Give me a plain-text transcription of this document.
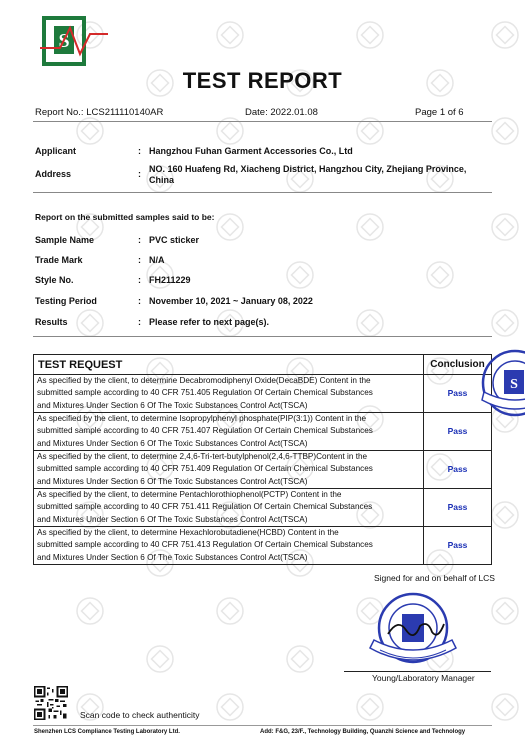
S
TEST REPORT
Report No.: LCS211110140AR	Date: 2022.01.08	Page 1 of 6
Applicant	: Hangzhou Fuhan Garment Accessories Co., Ltd
Address	: NO. 160 Huafeng Rd, Xiacheng District, Hangzhou City, Zhejiang Province,
China
Report on the submitted samples said to be:
Sample Name	: PVC sticker
Trade Mark	: N/A
Style No.	: FH211229
Testing Period	: November 10, 2021 ~ January 08, 2022
Results	: Please refer to next page(s).
TEST REQUEST	Conclusion

As specified by the client, to determine Decabromodiphenyl Oxide(DecaBDE) Content in the
submitted sample according to 40 CFR 751.405 Regulation Of Certain Chemical Substances
and Mixtures Under Section 6 Of The Toxic Substances Control Act(TSCA)	Pass

As specified by the client, to determine Isopropylphenyl phosphate(PIP(3:1)) Content in the
submitted sample according to 40 CFR 751.407 Regulation Of Certain Chemical Substances
and Mixtures Under Section 6 Of The Toxic Substances Control Act(TSCA)	Pass

As specified by the client, to determine 2,4,6-Tri-tert-butylphenol(2,4,6-TTBP)Content in the
submitted sample according to 40 CFR 751.409 Regulation Of Certain Chemical Substances
and Mixtures Under Section 6 Of The Toxic Substances Control Act(TSCA)	Pass

As specified by the client, to determine Pentachlorothiophenol(PCTP) Content in the
submitted sample according to 40 CFR 751.411 Regulation Of Certain Chemical Substances
and Mixtures Under Section 6 Of The Toxic Substances Control Act(TSCA)	Pass

As specified by the client, to determine Hexachlorobutadiene(HCBD) Content in the
submitted sample according to 40 CFR 751.413 Regulation Of Certain Chemical Substances
and Mixtures Under Section 6 Of The Toxic Substances Control Act(TSCA)	Pass
S
Signed for and on behalf of LCS
Young/Laboratory Manager
Scan code to check authenticity
Shenzhen LCS Compliance Testing Laboratory Ltd.	Add: F&G, 23/F., Technology Building, Quanzhi Science and Technology
